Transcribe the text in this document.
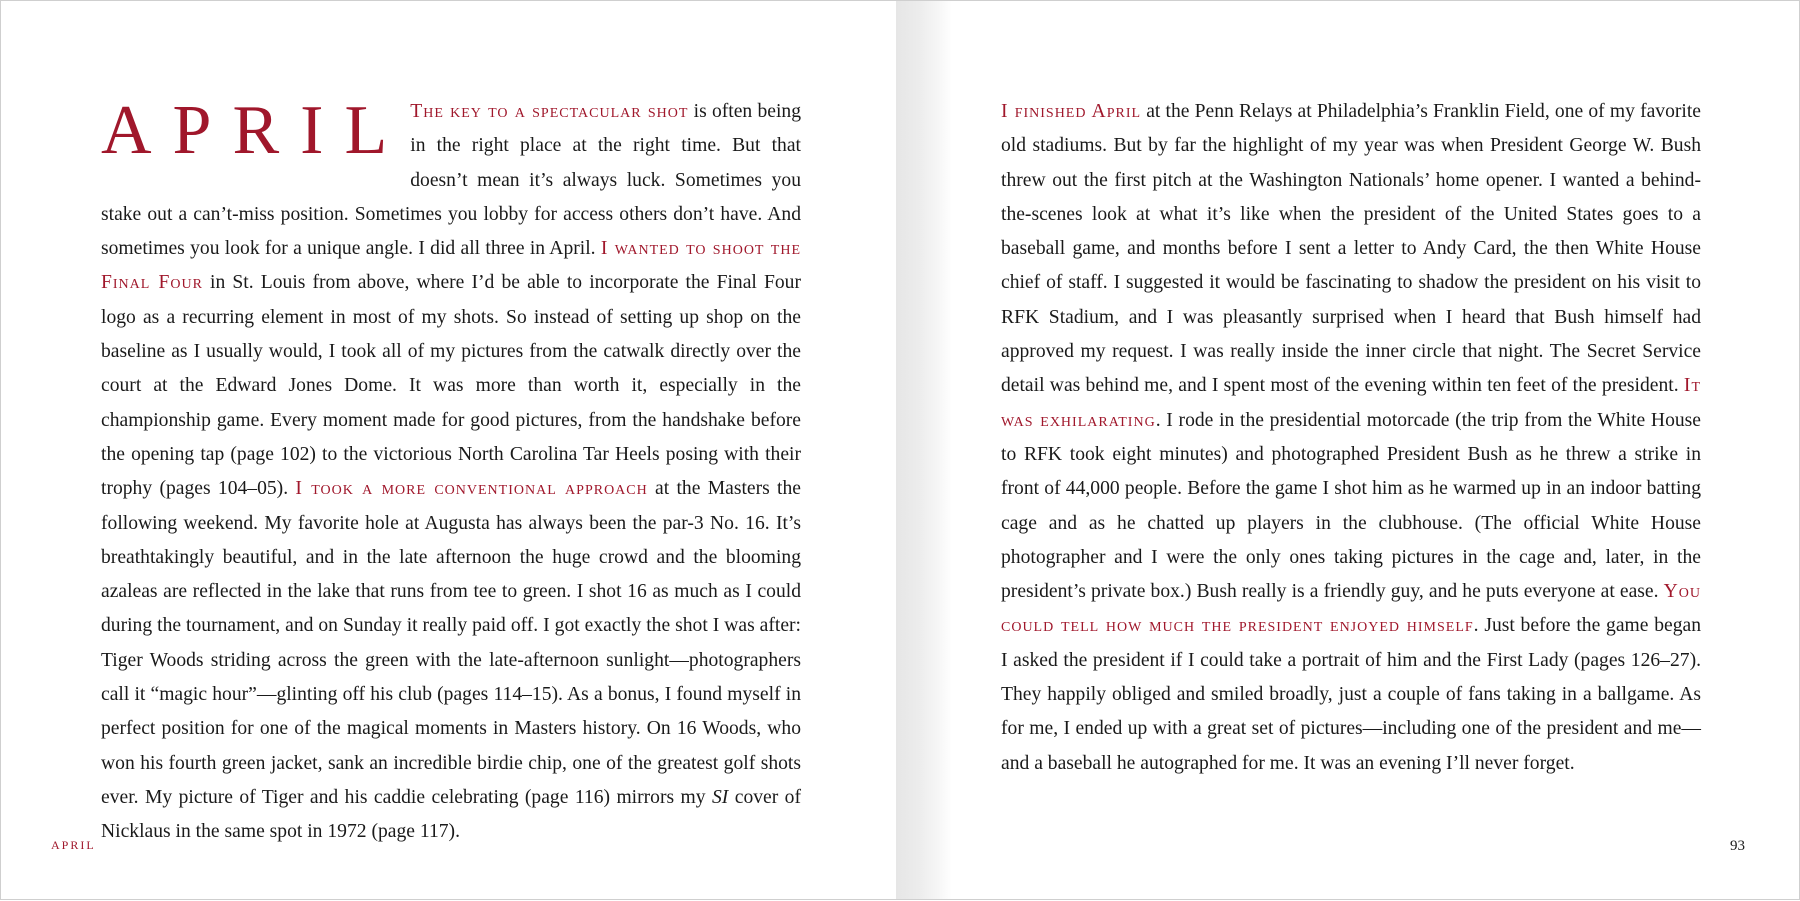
APRIL The key to a spectacular shot is often being in the right place at the right time. But that doesn’t mean it’s always luck. Sometimes you stake out a can’t-miss position. Sometimes you lobby for access others don’t have. And sometimes you look for a unique angle. I did all three in April. I wanted to shoot the Final Four in St. Louis from above, where I’d be able to incorporate the Final Four logo as a recurring element in most of my shots. So instead of setting up shop on the baseline as I usually would, I took all of my pictures from the catwalk directly over the court at the Edward Jones Dome. It was more than worth it, especially in the championship game. Every moment made for good pictures, from the handshake before the opening tap (page 102) to the victorious North Carolina Tar Heels posing with their trophy (pages 104–05). I took a more conventional approach at the Masters the following weekend. My favorite hole at Augusta has always been the par-3 No. 16. It’s breathtakingly beautiful, and in the late afternoon the huge crowd and the blooming azaleas are reflected in the lake that runs from tee to green. I shot 16 as much as I could during the tournament, and on Sunday it really paid off. I got exactly the shot I was after: Tiger Woods striding across the green with the late-afternoon sunlight—photographers call it “magic hour”—glinting off his club (pages 114–15). As a bonus, I found myself in perfect position for one of the magical moments in Masters history. On 16 Woods, who won his fourth green jacket, sank an incredible birdie chip, one of the greatest golf shots ever. My picture of Tiger and his caddie celebrating (page 116) mirrors my SI cover of Nicklaus in the same spot in 1972 (page 117).

APRIL

I finished April at the Penn Relays at Philadelphia’s Franklin Field, one of my favorite old stadiums. But by far the highlight of my year was when President George W. Bush threw out the first pitch at the Washington Nationals’ home opener. I wanted a behind-the-scenes look at what it’s like when the president of the United States goes to a baseball game, and months before I sent a letter to Andy Card, the then White House chief of staff. I suggested it would be fascinating to shadow the president on his visit to RFK Stadium, and I was pleasantly surprised when I heard that Bush himself had approved my request. I was really inside the inner circle that night. The Secret Service detail was behind me, and I spent most of the evening within ten feet of the president. It was exhilarating. I rode in the presidential motorcade (the trip from the White House to RFK took eight minutes) and photographed President Bush as he threw a strike in front of 44,000 people. Before the game I shot him as he warmed up in an indoor batting cage and as he chatted up players in the clubhouse. (The official White House photographer and I were the only ones taking pictures in the cage and, later, in the president’s private box.) Bush really is a friendly guy, and he puts everyone at ease. You could tell how much the president enjoyed himself. Just before the game began I asked the president if I could take a portrait of him and the First Lady (pages 126–27). They happily obliged and smiled broadly, just a couple of fans taking in a ballgame. As for me, I ended up with a great set of pictures—including one of the president and me—and a baseball he autographed for me. It was an evening I’ll never forget.

93
